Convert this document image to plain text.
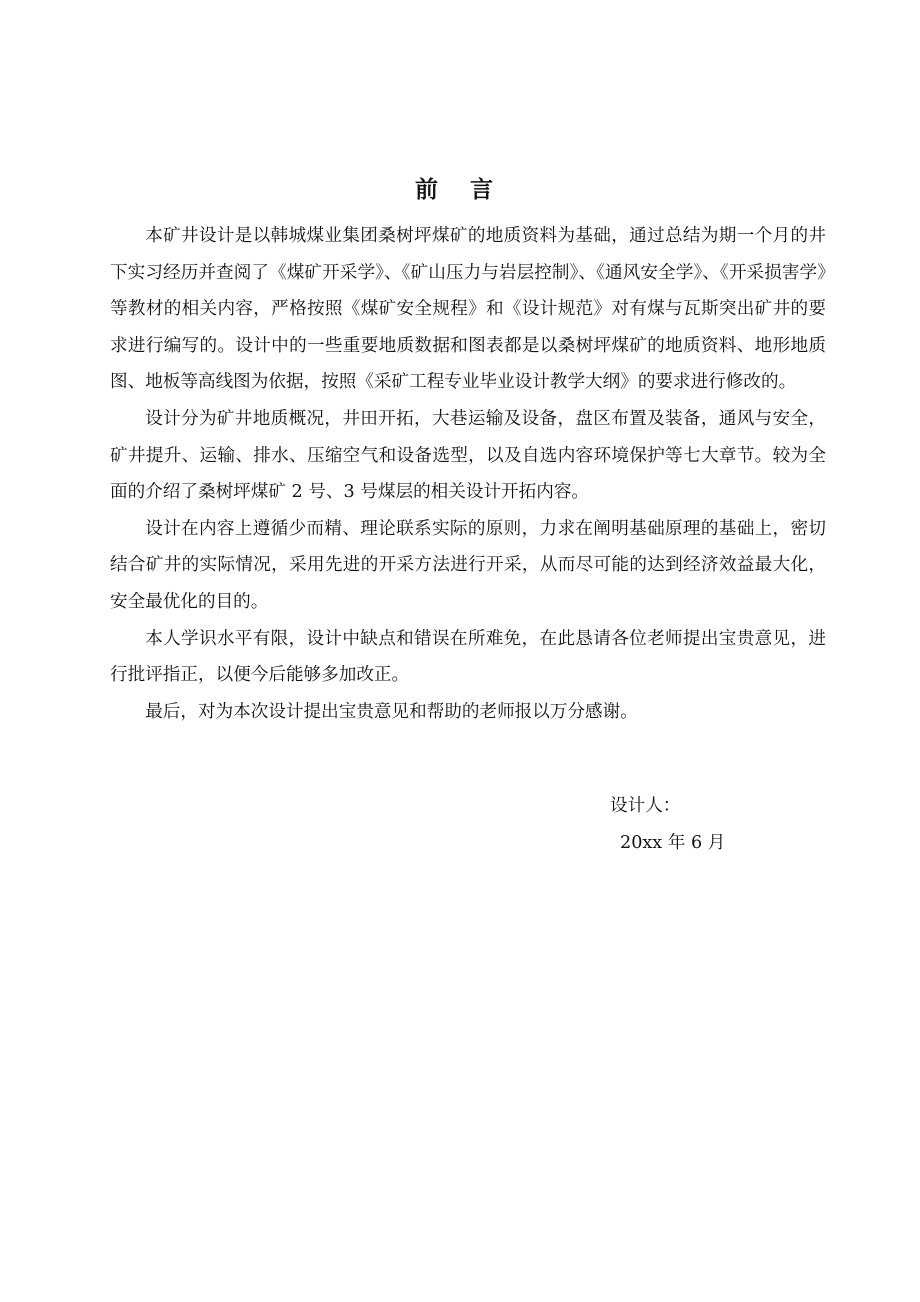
前 言

本矿井设计是以韩城煤业集团桑树坪煤矿的地质资料为基础，通过总结为期一个月的井下实习经历并查阅了《煤矿开采学》、《矿山压力与岩层控制》、《通风安全学》、《开采损害学》等教材的相关内容，严格按照《煤矿安全规程》和《设计规范》对有煤与瓦斯突出矿井的要求进行编写的。设计中的一些重要地质数据和图表都是以桑树坪煤矿的地质资料、地形地质图、地板等高线图为依据，按照《采矿工程专业毕业设计教学大纲》的要求进行修改的。

设计分为矿井地质概况，井田开拓，大巷运输及设备，盘区布置及装备，通风与安全，矿井提升、运输、排水、压缩空气和设备选型，以及自选内容环境保护等七大章节。较为全面的介绍了桑树坪煤矿 2 号、3 号煤层的相关设计开拓内容。

设计在内容上遵循少而精、理论联系实际的原则，力求在阐明基础原理的基础上，密切结合矿井的实际情况，采用先进的开采方法进行开采，从而尽可能的达到经济效益最大化，安全最优化的目的。

本人学识水平有限，设计中缺点和错误在所难免，在此恳请各位老师提出宝贵意见，进行批评指正，以便今后能够多加改正。

最后，对为本次设计提出宝贵意见和帮助的老师报以万分感谢。

设计人：
20xx 年 6 月
